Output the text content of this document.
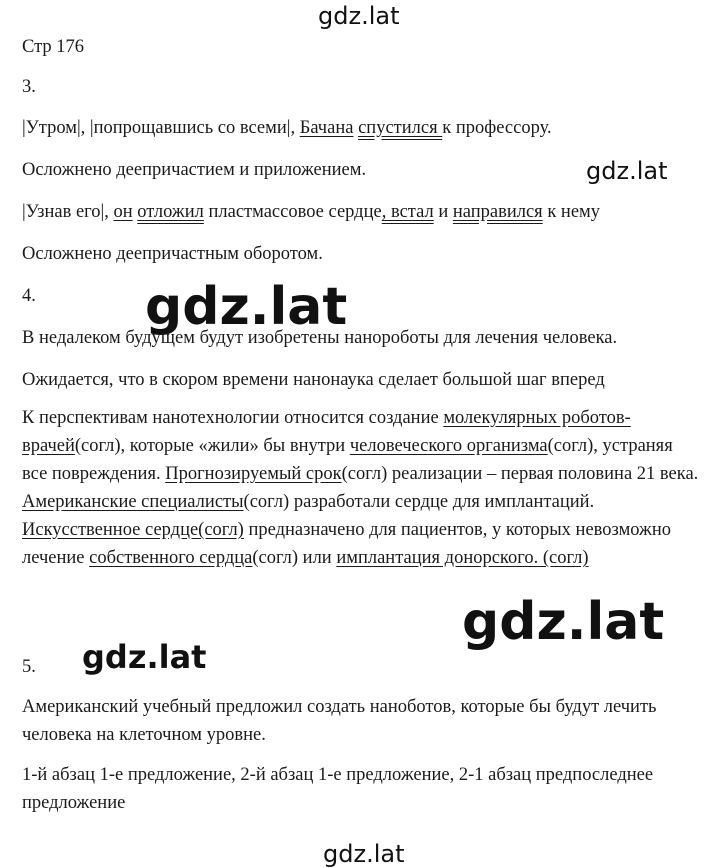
gdz.lat
gdz.lat
gdz.lat
gdz.lat
gdz.lat
gdz.lat
Стр 176
3.
|Утром|, |попрощавшись со всеми|, Бачана спустился к профессору.
Осложнено деепричастием и приложением.
|Узнав его|, он отложил пластмассовое сердце, встал и направился к нему
Осложнено деепричастным оборотом.
4.
В недалеком будущем будут изобретены нанороботы для лечения человека.
Ожидается, что в скором времени нанонаука сделает большой шаг вперед
К перспективам нанотехнологии относится создание молекулярных роботов-врачей(согл), которые «жили» бы внутри человеческого организма(согл), устраняя все повреждения. Прогнозируемый срок(согл) реализации – первая половина 21 века. Американские специалисты(согл) разработали сердце для имплантаций. Искусственное сердце(согл) предназначено для пациентов, у которых невозможно лечение собственного сердца(согл) или имплантация донорского. (согл)
5.
Американский учебный предложил создать наноботов, которые бы будут лечить человека на клеточном уровне.
1-й абзац 1-е предложение, 2-й абзац 1-е предложение, 2-1 абзац предпоследнее предложение
